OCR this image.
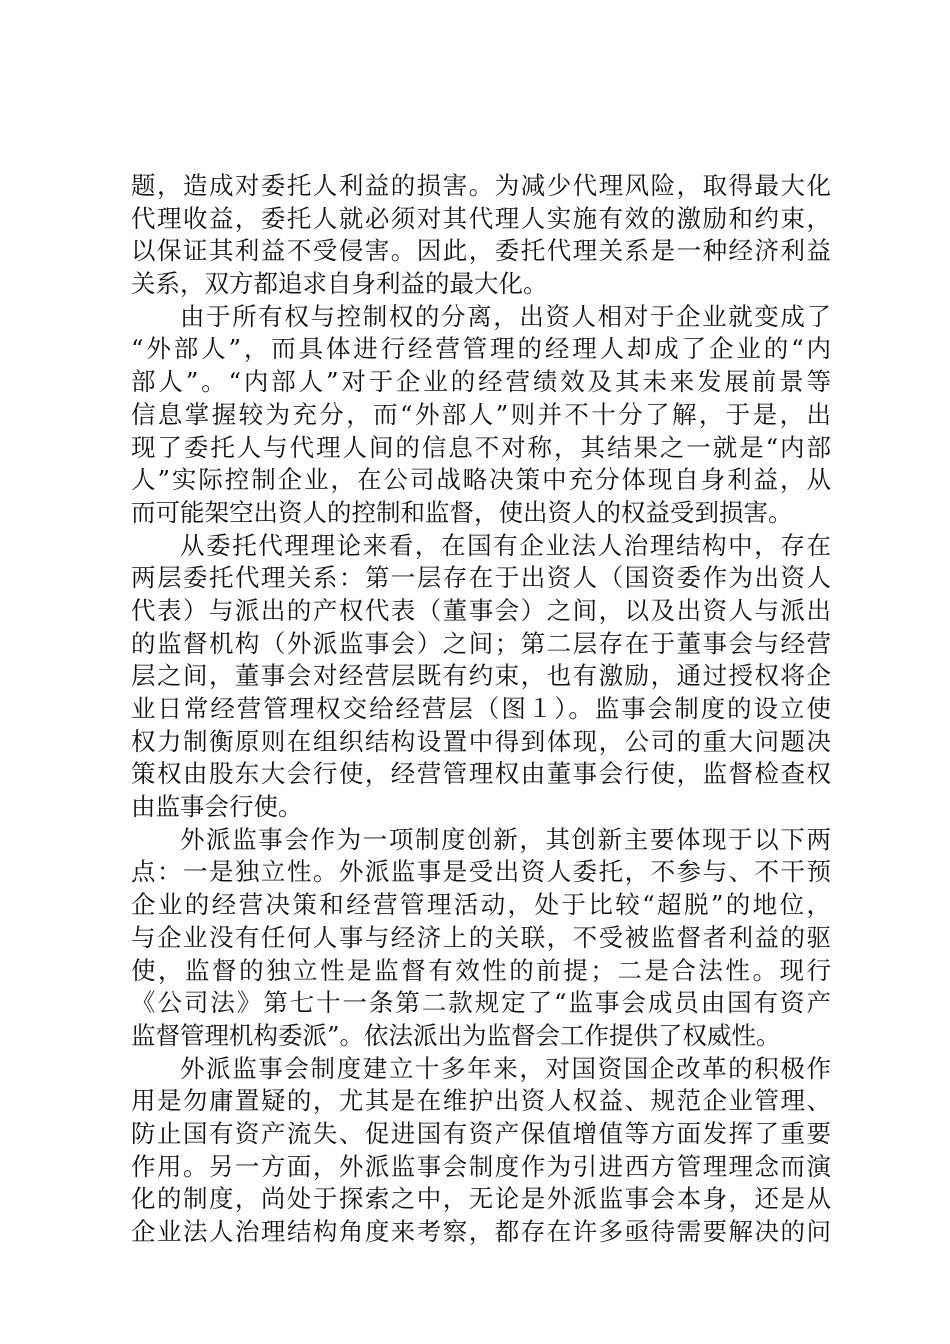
题，造成对委托人利益的损害。为减少代理风险，取得最大化
代理收益，委托人就必须对其代理人实施有效的激励和约束，
以保证其利益不受侵害。因此，委托代理关系是一种经济利益
关系，双方都追求自身利益的最大化。
由于所有权与控制权的分离，出资人相对于企业就变成了
“外部人”，而具体进行经营管理的经理人却成了企业的“内
部人”。“内部人”对于企业的经营绩效及其未来发展前景等
信息掌握较为充分，而“外部人”则并不十分了解，于是，出
现了委托人与代理人间的信息不对称，其结果之一就是“内部
人”实际控制企业，在公司战略决策中充分体现自身利益，从
而可能架空出资人的控制和监督，使出资人的权益受到损害。
从委托代理理论来看，在国有企业法人治理结构中，存在
两层委托代理关系：第一层存在于出资人（国资委作为出资人
代表）与派出的产权代表（董事会）之间，以及出资人与派出
的监督机构（外派监事会）之间；第二层存在于董事会与经营
层之间，董事会对经营层既有约束，也有激励，通过授权将企
业日常经营管理权交给经营层（图１）。监事会制度的设立使
权力制衡原则在组织结构设置中得到体现，公司的重大问题决
策权由股东大会行使，经营管理权由董事会行使，监督检查权
由监事会行使。
外派监事会作为一项制度创新，其创新主要体现于以下两
点：一是独立性。外派监事是受出资人委托，不参与、不干预
企业的经营决策和经营管理活动，处于比较“超脱”的地位，
与企业没有任何人事与经济上的关联，不受被监督者利益的驱
使，监督的独立性是监督有效性的前提；二是合法性。现行
《公司法》第七十一条第二款规定了“监事会成员由国有资产
监督管理机构委派”。依法派出为监督会工作提供了权威性。
外派监事会制度建立十多年来，对国资国企改革的积极作
用是勿庸置疑的，尤其是在维护出资人权益、规范企业管理、
防止国有资产流失、促进国有资产保值增值等方面发挥了重要
作用。另一方面，外派监事会制度作为引进西方管理理念而演
化的制度，尚处于探索之中，无论是外派监事会本身，还是从
企业法人治理结构角度来考察，都存在许多亟待需要解决的问
